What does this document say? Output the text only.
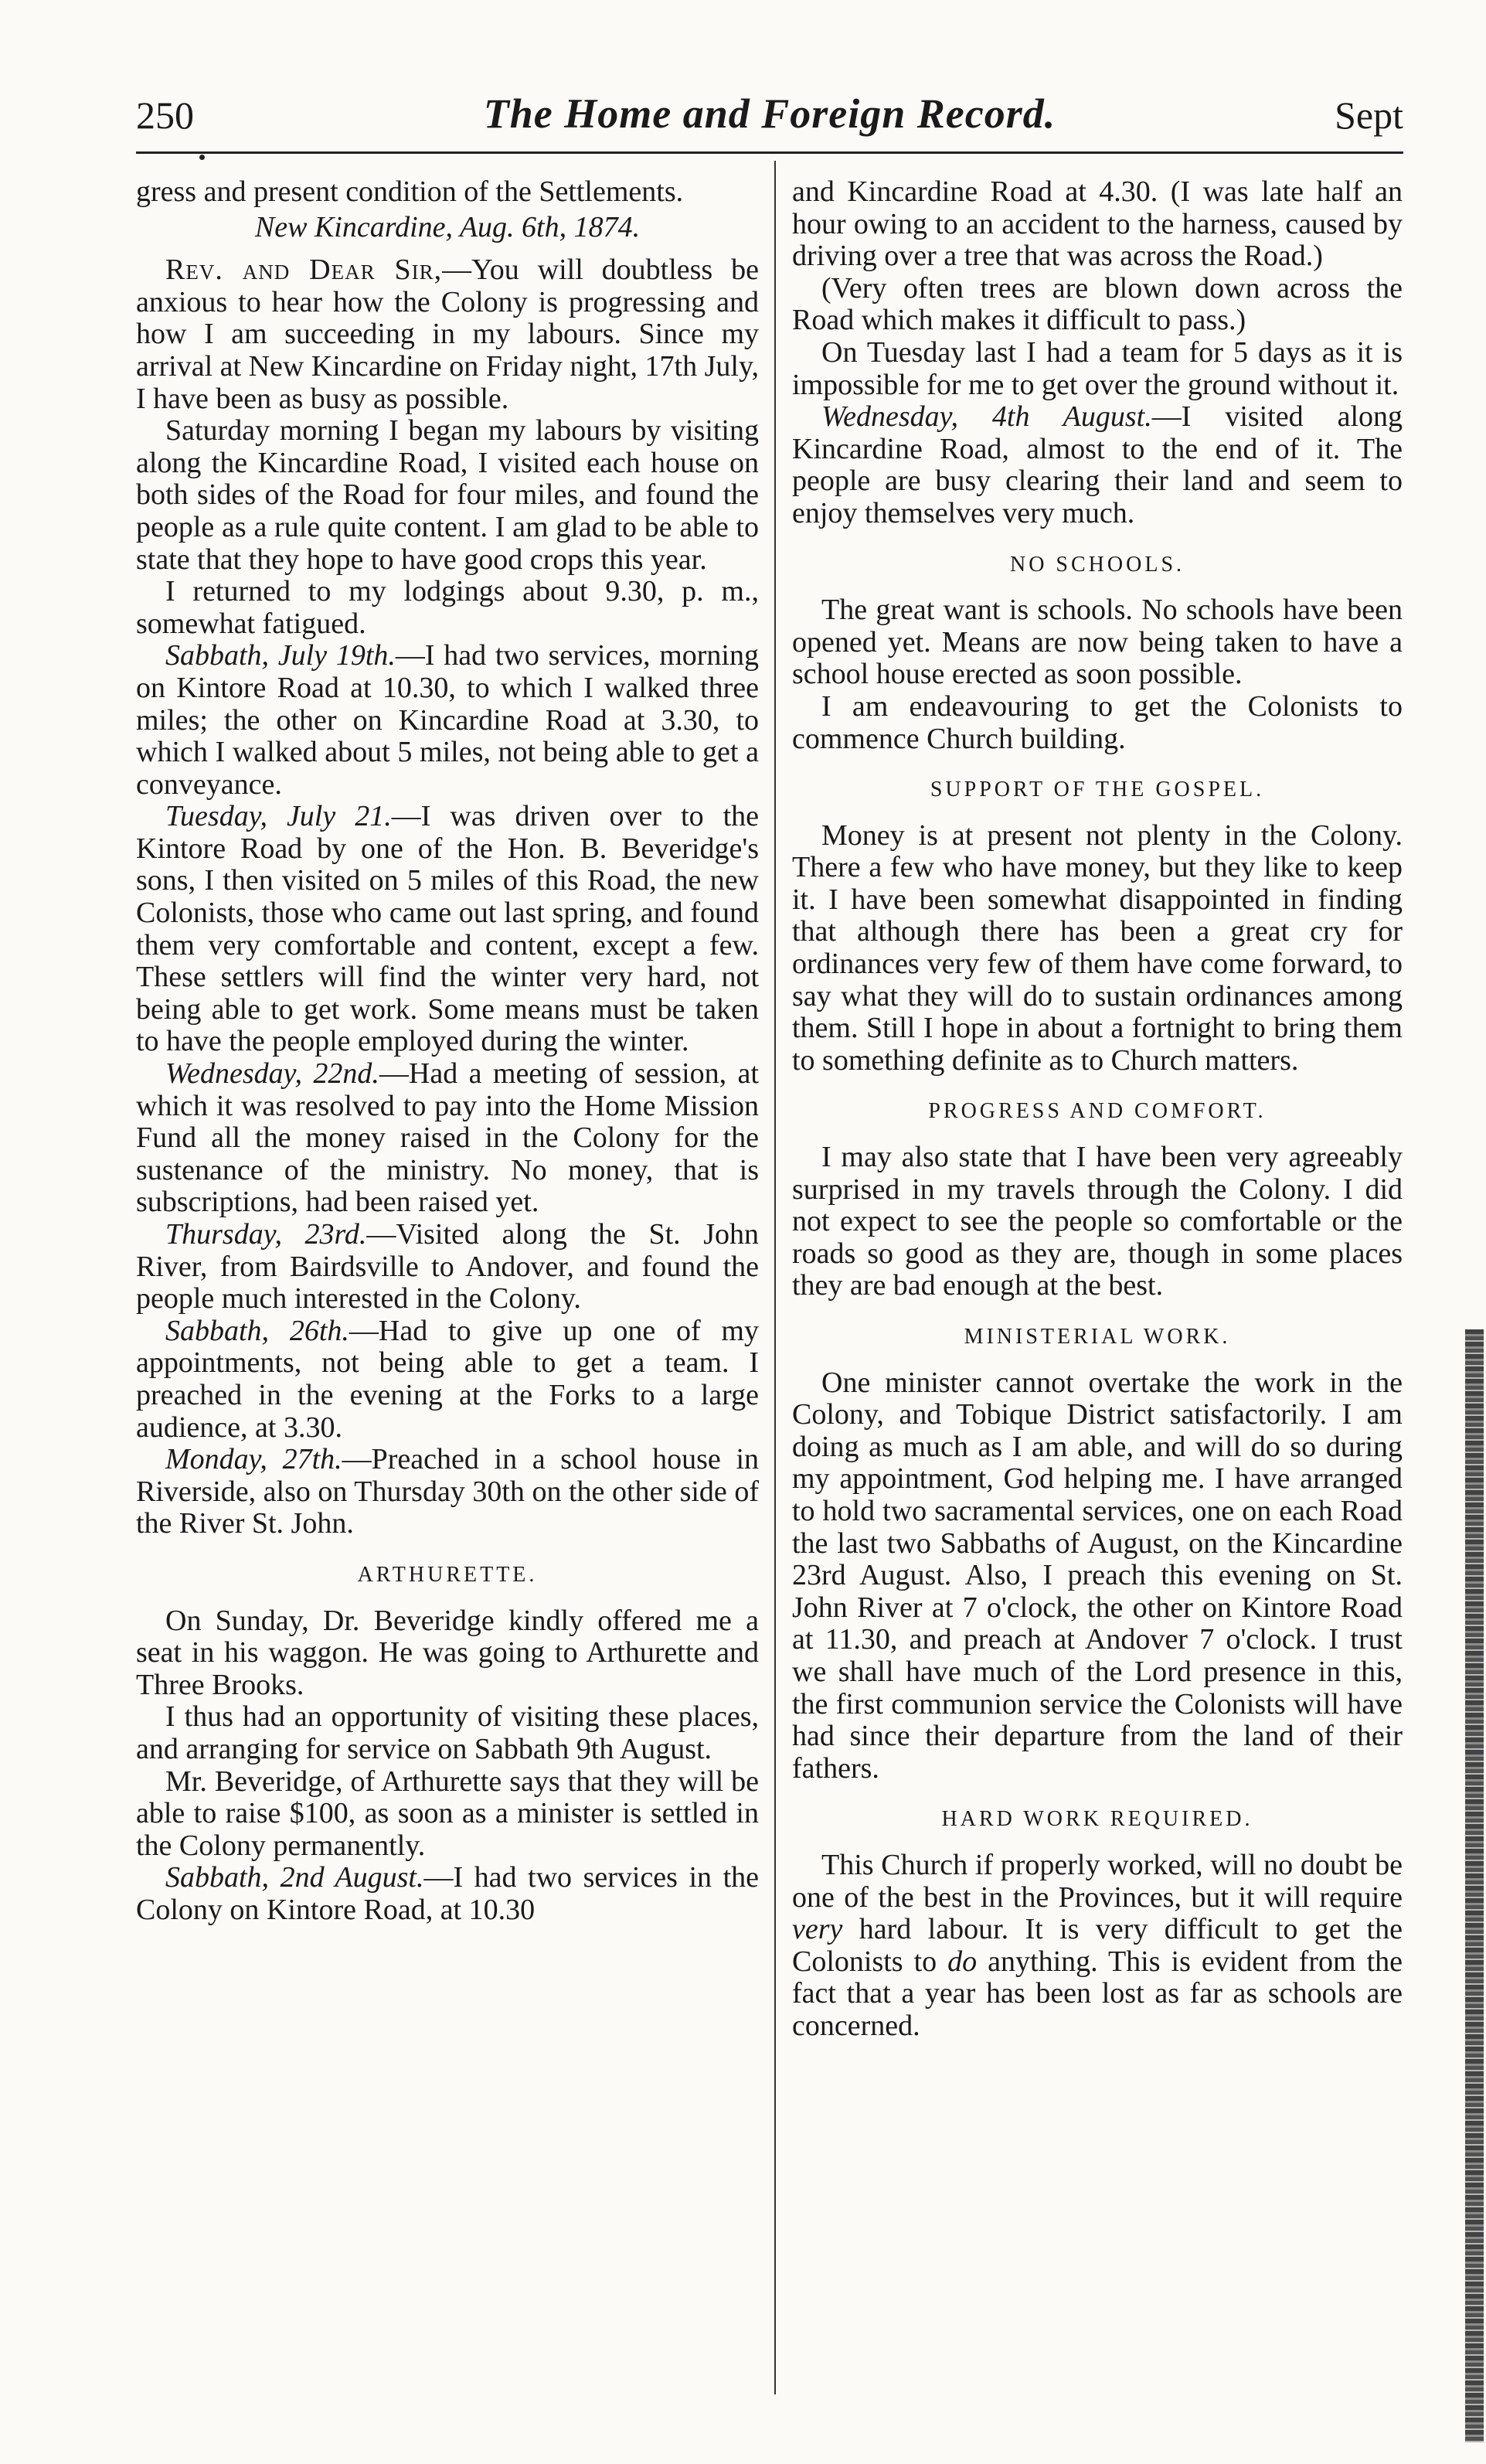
250	The Home and Foreign Record.	Sept

gress and present condition of the Settlements.

New Kincardine, Aug. 6th, 1874.

Rev. and Dear Sir,—You will doubtless be anxious to hear how the Colony is progressing and how I am succeeding in my labours. Since my arrival at New Kincardine on Friday night, 17th July, I have been as busy as possible.

Saturday morning I began my labours by visiting along the Kincardine Road, I visited each house on both sides of the Road for four miles, and found the people as a rule quite content. I am glad to be able to state that they hope to have good crops this year.

I returned to my lodgings about 9.30, p. m., somewhat fatigued.

Sabbath, July 19th.—I had two services, morning on Kintore Road at 10.30, to which I walked three miles; the other on Kincardine Road at 3.30, to which I walked about 5 miles, not being able to get a conveyance.

Tuesday, July 21.—I was driven over to the Kintore Road by one of the Hon. B. Beveridge's sons, I then visited on 5 miles of this Road, the new Colonists, those who came out last spring, and found them very comfortable and content, except a few. These settlers will find the winter very hard, not being able to get work. Some means must be taken to have the people employed during the winter.

Wednesday, 22nd.—Had a meeting of session, at which it was resolved to pay into the Home Mission Fund all the money raised in the Colony for the sustenance of the ministry. No money, that is subscriptions, had been raised yet.

Thursday, 23rd.—Visited along the St. John River, from Bairdsville to Andover, and found the people much interested in the Colony.

Sabbath, 26th.—Had to give up one of my appointments, not being able to get a team. I preached in the evening at the Forks to a large audience, at 3.30.

Monday, 27th.—Preached in a school house in Riverside, also on Thursday 30th on the other side of the River St. John.

ARTHURETTE.

On Sunday, Dr. Beveridge kindly offered me a seat in his waggon. He was going to Arthurette and Three Brooks.

I thus had an opportunity of visiting these places, and arranging for service on Sabbath 9th August.

Mr. Beveridge, of Arthurette says that they will be able to raise $100, as soon as a minister is settled in the Colony permanently.

Sabbath, 2nd August.—I had two services in the Colony on Kintore Road, at 10.30

and Kincardine Road at 4.30. (I was late half an hour owing to an accident to the harness, caused by driving over a tree that was across the Road.)

(Very often trees are blown down across the Road which makes it difficult to pass.)

On Tuesday last I had a team for 5 days as it is impossible for me to get over the ground without it.

Wednesday, 4th August.—I visited along Kincardine Road, almost to the end of it. The people are busy clearing their land and seem to enjoy themselves very much.

NO SCHOOLS.

The great want is schools. No schools have been opened yet. Means are now being taken to have a school house erected as soon possible.

I am endeavouring to get the Colonists to commence Church building.

SUPPORT OF THE GOSPEL.

Money is at present not plenty in the Colony. There a few who have money, but they like to keep it. I have been somewhat disappointed in finding that although there has been a great cry for ordinances very few of them have come forward, to say what they will do to sustain ordinances among them. Still I hope in about a fortnight to bring them to something definite as to Church matters.

PROGRESS AND COMFORT.

I may also state that I have been very agreeably surprised in my travels through the Colony. I did not expect to see the people so comfortable or the roads so good as they are, though in some places they are bad enough at the best.

MINISTERIAL WORK.

One minister cannot overtake the work in the Colony, and Tobique District satisfactorily. I am doing as much as I am able, and will do so during my appointment, God helping me. I have arranged to hold two sacramental services, one on each Road the last two Sabbaths of August, on the Kincardine 23rd August. Also, I preach this evening on St. John River at 7 o'clock, the other on Kintore Road at 11.30, and preach at Andover 7 o'clock. I trust we shall have much of the Lord presence in this, the first communion service the Colonists will have had since their departure from the land of their fathers.

HARD WORK REQUIRED.

This Church if properly worked, will no doubt be one of the best in the Provinces, but it will require very hard labour. It is very difficult to get the Colonists to do anything. This is evident from the fact that a year has been lost as far as schools are concerned.
